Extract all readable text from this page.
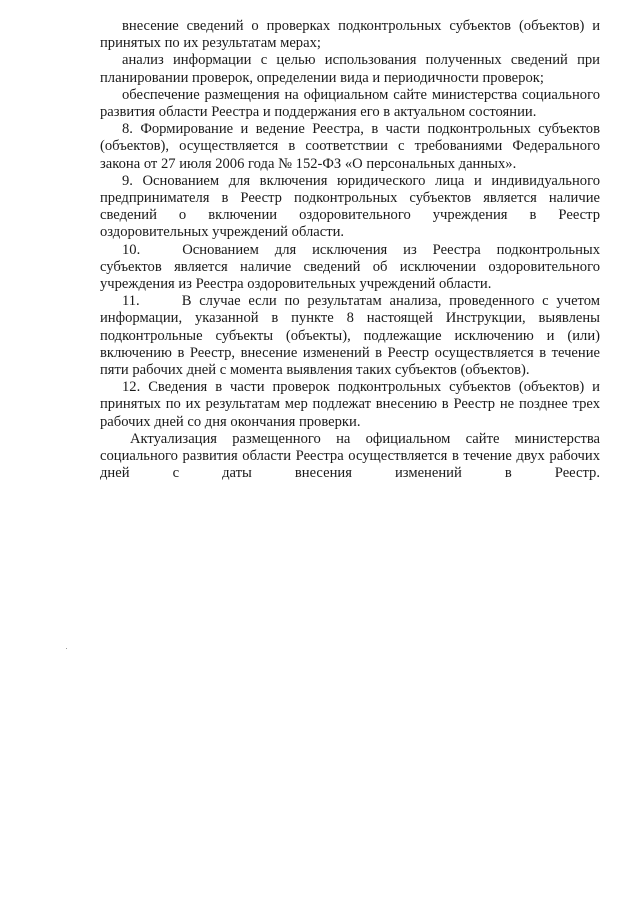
внесение сведений о проверках подконтрольных субъектов (объектов) и принятых по их результатам мерах;

анализ информации с целью использования полученных сведений при планировании проверок, определении вида и периодичности проверок;

обеспечение размещения на официальном сайте министерства социального развития области Реестра и поддержания его в актуальном состоянии.

8. Формирование и ведение Реестра, в части подконтрольных субъектов (объектов), осуществляется в соответствии с требованиями Федерального закона от 27 июля 2006 года № 152-ФЗ «О персональных данных».

9. Основанием для включения юридического лица и индивидуального предпринимателя в Реестр подконтрольных субъектов является наличие сведений о включении оздоровительного учреждения в Реестр оздоровительных учреждений области.

10.	Основанием для исключения из Реестра подконтрольных субъектов является наличие сведений об исключении оздоровительного учреждения из Реестра оздоровительных учреждений области.

11.	В случае если по результатам анализа, проведенного с учетом информации, указанной в пункте 8 настоящей Инструкции, выявлены подконтрольные субъекты (объекты), подлежащие исключению и (или) включению в Реестр, внесение изменений в Реестр осуществляется в течение пяти рабочих дней с момента выявления таких субъектов (объектов).

12. Сведения в части проверок подконтрольных субъектов (объектов) и принятых по их результатам мер подлежат внесению в Реестр не позднее трех рабочих дней со дня окончания проверки.

Актуализация размещенного на официальном сайте министерства социального развития области Реестра осуществляется в течение двух рабочих дней с даты внесения изменений в Реестр.
